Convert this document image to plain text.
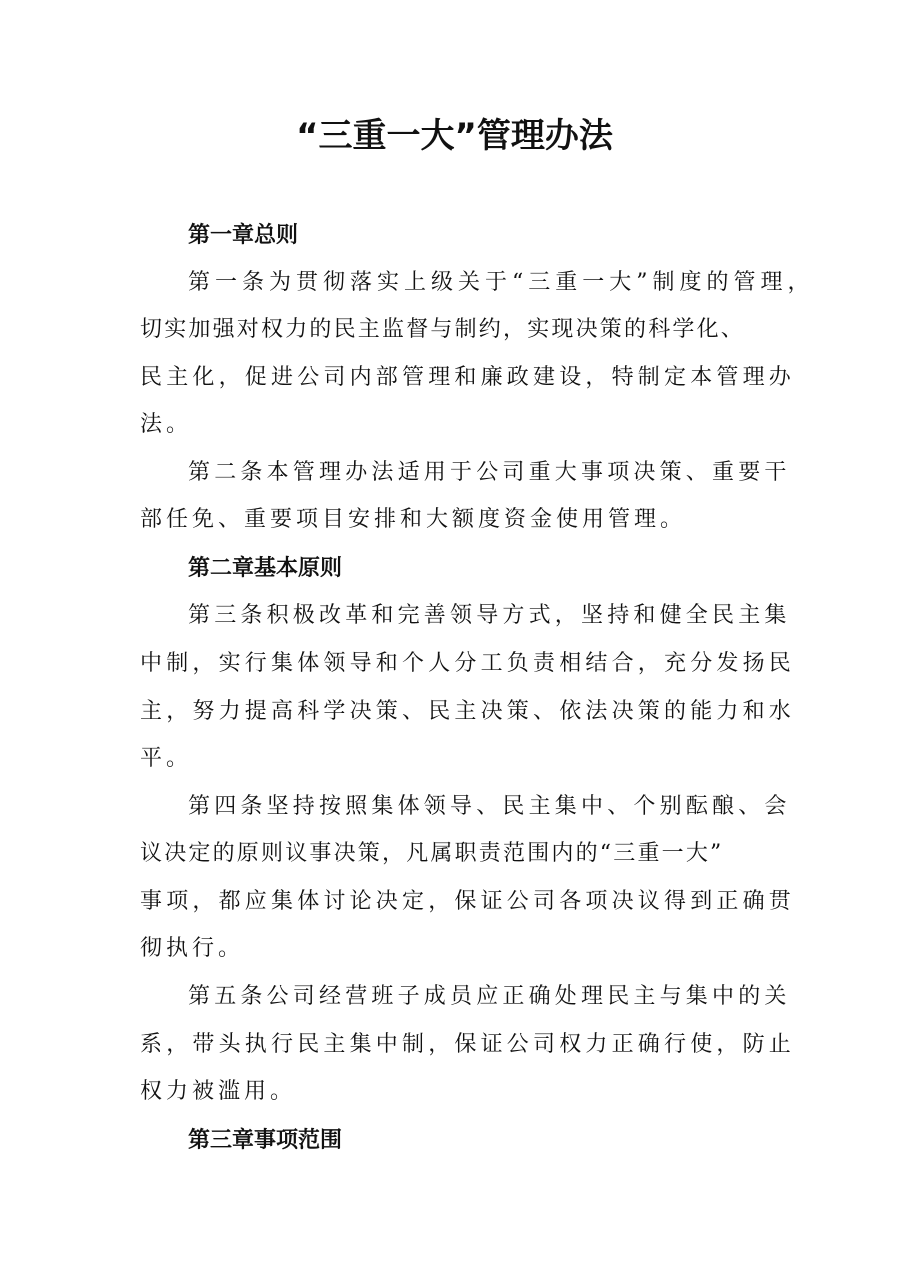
“三重一大”管理办法
第一章总则
第一条为贯彻落实上级关于“三重一大”制度的管理，
切实加强对权力的民主监督与制约，实现决策的科学化、
民主化，促进公司内部管理和廉政建设，特制定本管理办
法。
第二条本管理办法适用于公司重大事项决策、重要干
部任免、重要项目安排和大额度资金使用管理。
第二章基本原则
第三条积极改革和完善领导方式，坚持和健全民主集
中制，实行集体领导和个人分工负责相结合，充分发扬民
主，努力提高科学决策、民主决策、依法决策的能力和水
平。
第四条坚持按照集体领导、民主集中、个别酝酿、会
议决定的原则议事决策，凡属职责范围内的“三重一大”
事项，都应集体讨论决定，保证公司各项决议得到正确贯
彻执行。
第五条公司经营班子成员应正确处理民主与集中的关
系，带头执行民主集中制，保证公司权力正确行使，防止
权力被滥用。
第三章事项范围
